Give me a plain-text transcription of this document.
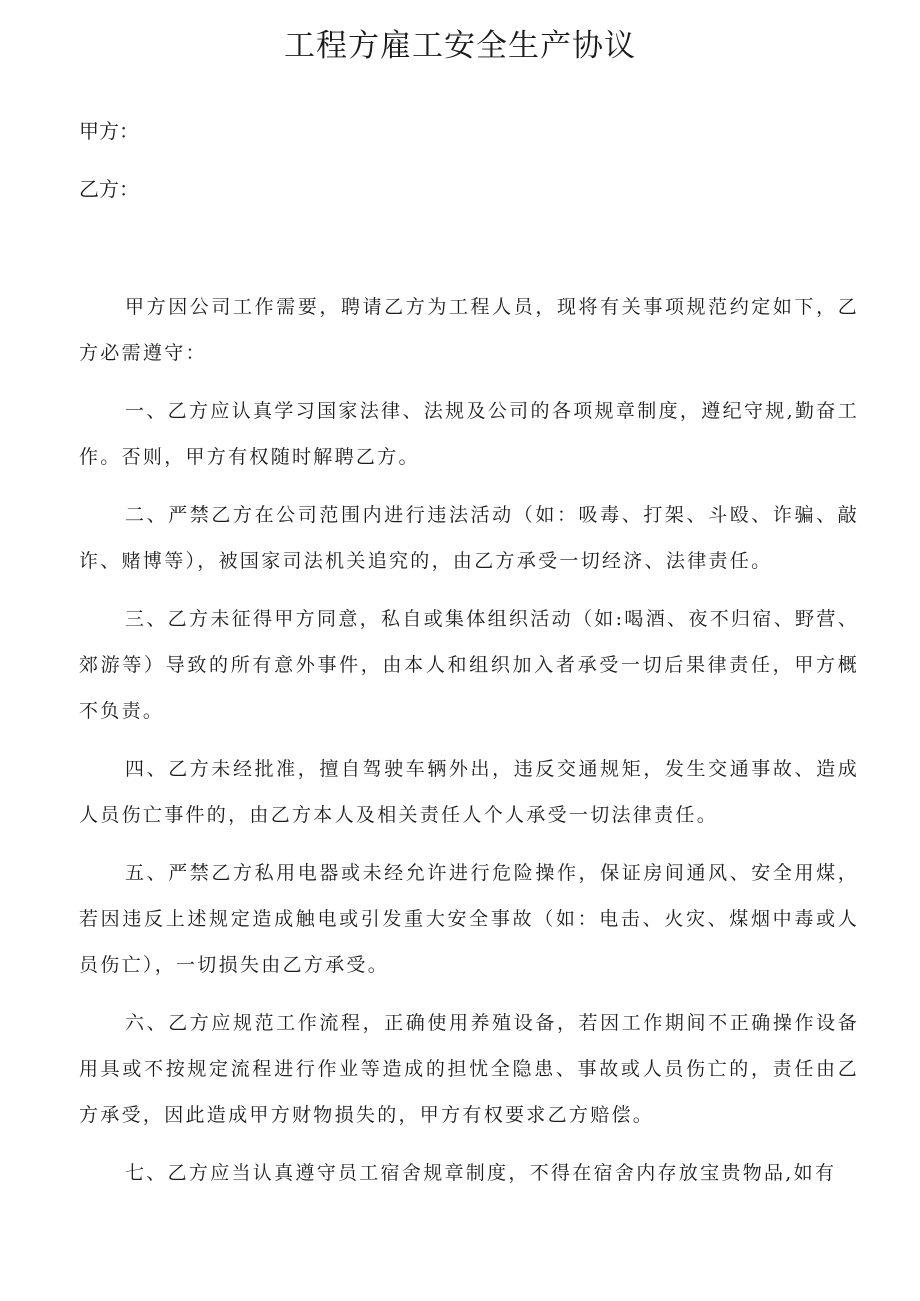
工程方雇工安全生产协议
甲方：
乙方：

甲方因公司工作需要，聘请乙方为工程人员，现将有关事项规范约定如下，乙方必需遵守：

一、乙方应认真学习国家法律、法规及公司的各项规章制度，遵纪守规,勤奋工作。否则，甲方有权随时解聘乙方。

二、严禁乙方在公司范围内进行违法活动（如：吸毒、打架、斗殴、诈骗、敲诈、赌博等），被国家司法机关追究的，由乙方承受一切经济、法律责任。

三、乙方未征得甲方同意，私自或集体组织活动（如:喝酒、夜不归宿、野营、郊游等）导致的所有意外事件，由本人和组织加入者承受一切后果律责任，甲方概不负责。

四、乙方未经批准，擅自驾驶车辆外出，违反交通规矩，发生交通事故、造成人员伤亡事件的，由乙方本人及相关责任人个人承受一切法律责任。

五、严禁乙方私用电器或未经允许进行危险操作，保证房间通风、安全用煤，若因违反上述规定造成触电或引发重大安全事故（如：电击、火灾、煤烟中毒或人员伤亡），一切损失由乙方承受。

六、乙方应规范工作流程，正确使用养殖设备，若因工作期间不正确操作设备用具或不按规定流程进行作业等造成的担忧全隐患、事故或人员伤亡的，责任由乙方承受，因此造成甲方财物损失的，甲方有权要求乙方赔偿。

七、乙方应当认真遵守员工宿舍规章制度，不得在宿舍内存放宝贵物品,如有
